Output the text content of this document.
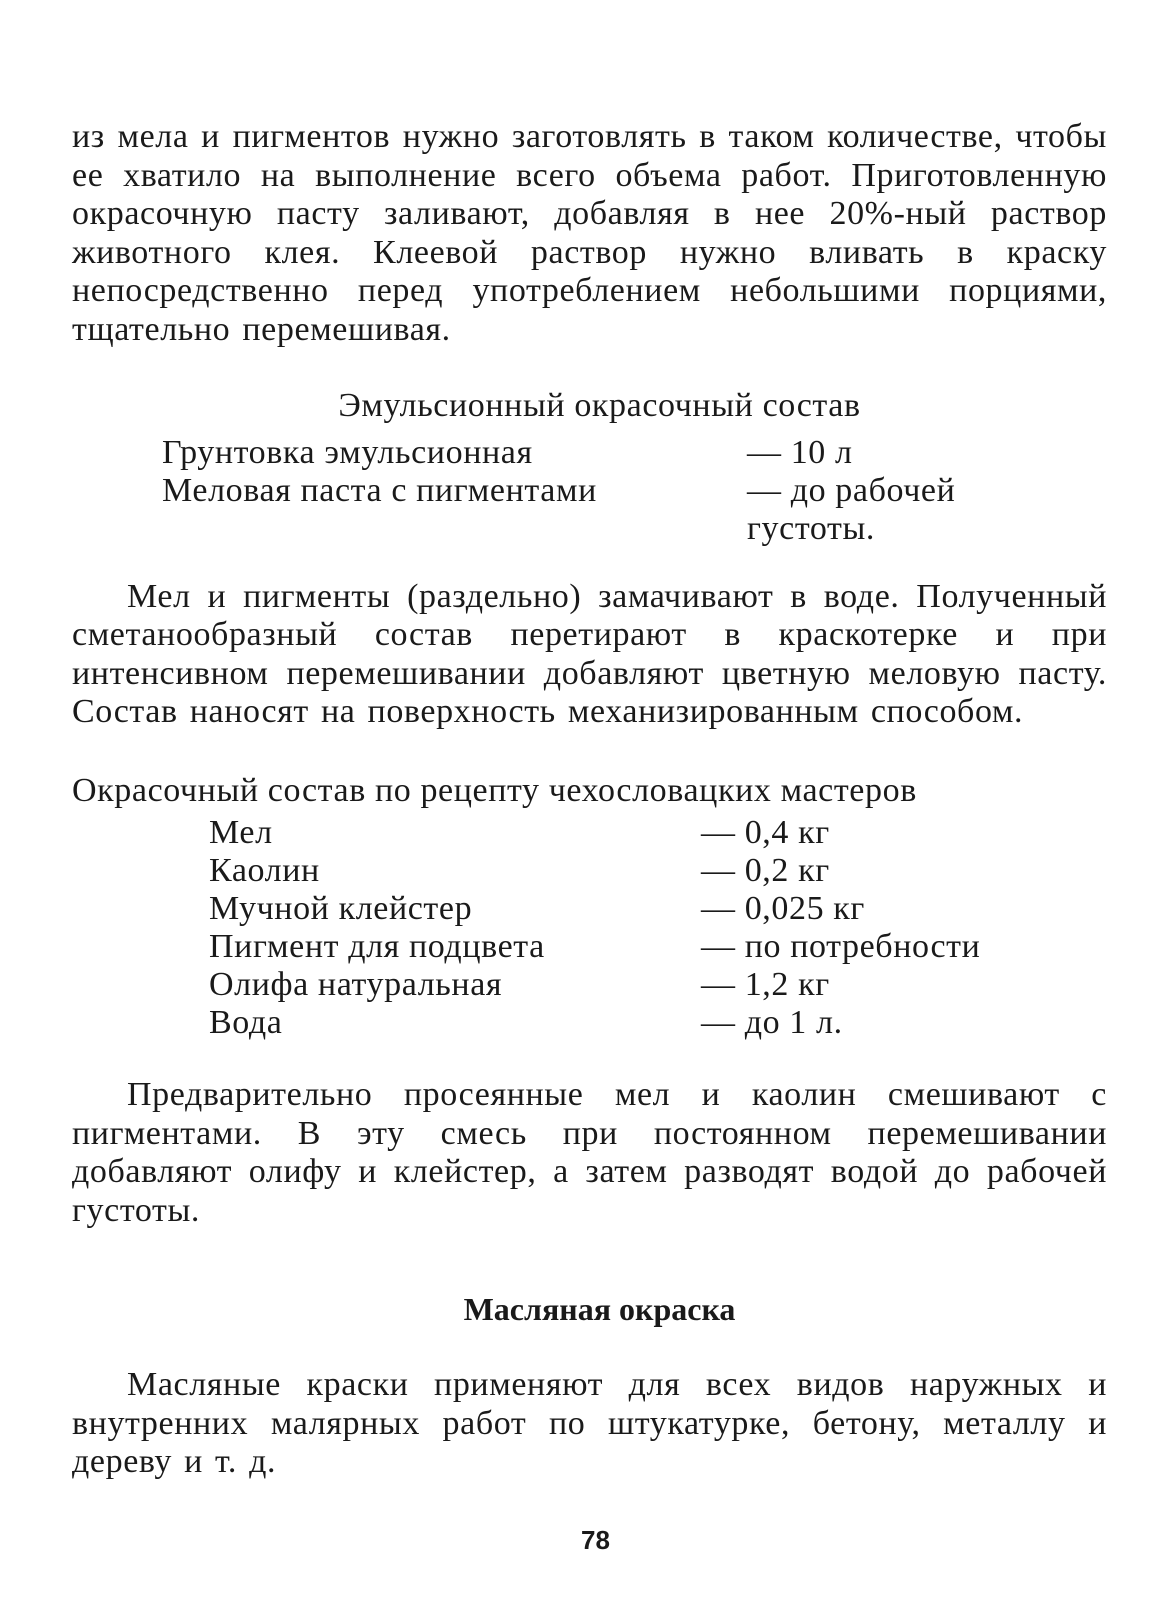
из мела и пигментов нужно заготовлять в таком количестве, чтобы ее хватило на выполнение всего объема работ. Приготовленную окрасочную пасту заливают, добавляя в нее 20%-ный раствор животного клея. Клеевой раствор нужно вливать в краску непосредственно перед употреблением небольшими порциями, тщательно перемешивая.

Эмульсионный окрасочный состав

Грунтовка эмульсионная	— 10 л
Меловая паста с пигментами	— до рабочей густоты.

Мел и пигменты (раздельно) замачивают в воде. Полученный сметанообразный состав перетирают в краскотерке и при интенсивном перемешивании добавляют цветную меловую пасту. Состав наносят на поверхность механизированным способом.

Окрасочный состав по рецепту чехословацких мастеров

Мел	— 0,4 кг
Каолин	— 0,2 кг
Мучной клейстер	— 0,025 кг
Пигмент для подцвета	— по потребности
Олифа натуральная	— 1,2 кг
Вода	— до 1 л.

Предварительно просеянные мел и каолин смешивают с пигментами. В эту смесь при постоянном перемешивании добавляют олифу и клейстер, а затем разводят водой до рабочей густоты.

Масляная окраска

Масляные краски применяют для всех видов наружных и внутренних малярных работ по штукатурке, бетону, металлу и дереву и т. д.

78
